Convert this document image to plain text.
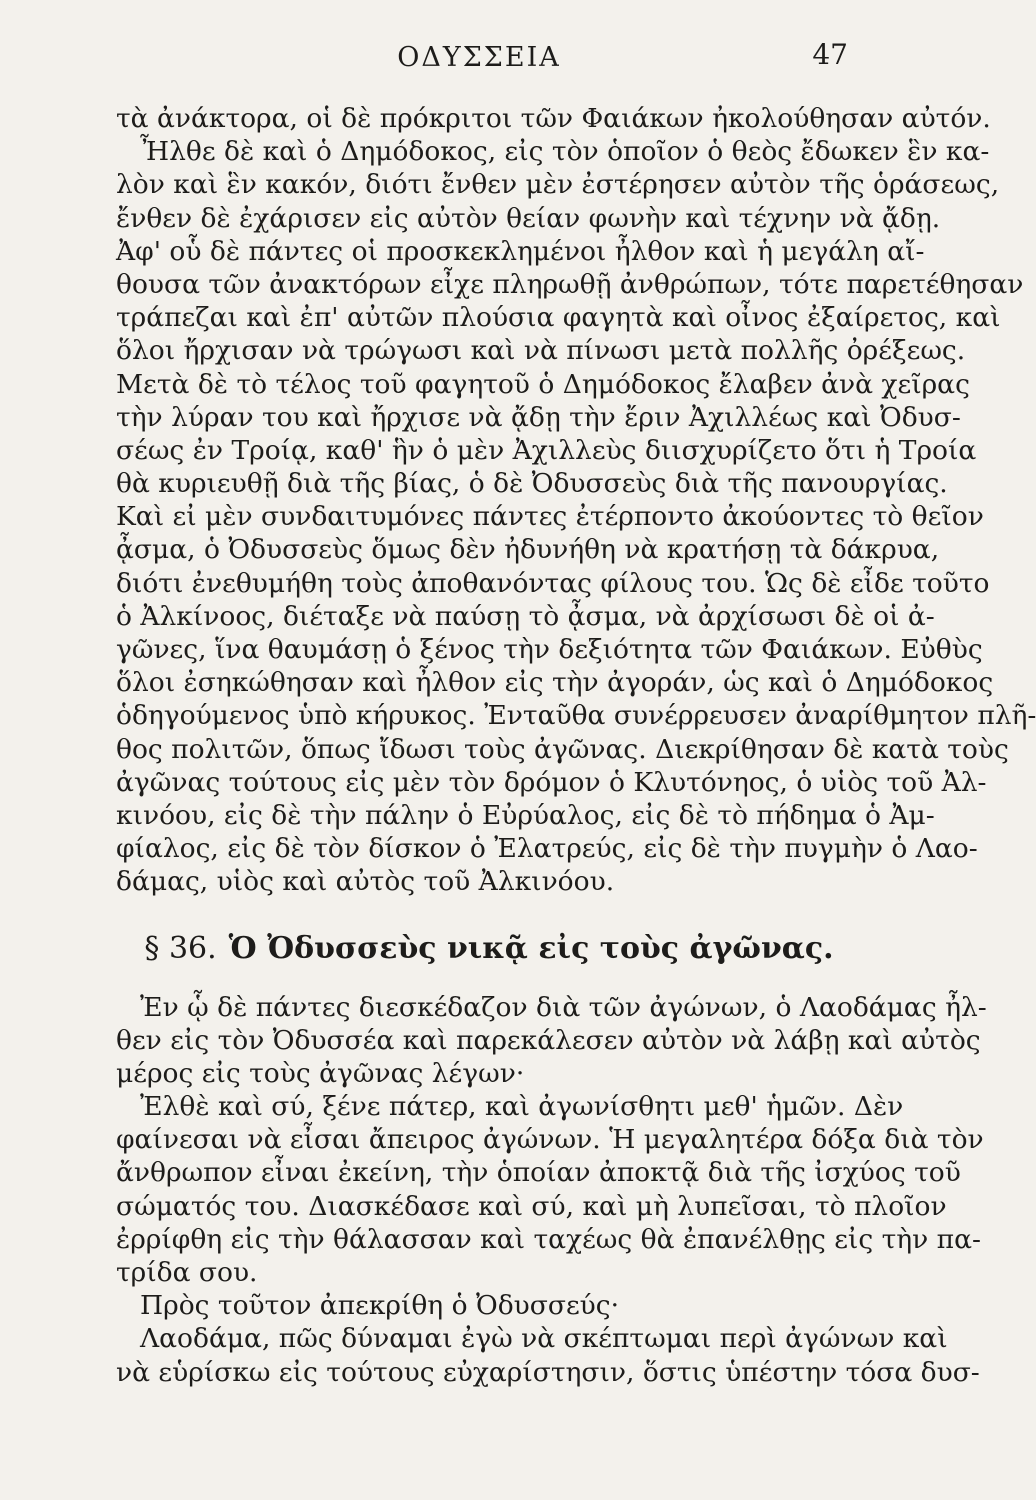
ΟΔΥΣΣΕΙΑ	47
τὰ ἀνάκτορα, οἱ δὲ πρόκριτοι τῶν Φαιάκων ἠκολούθησαν αὐτόν.
Ἦλθε δὲ καὶ ὁ Δημόδοκος, εἰς τὸν ὁποῖον ὁ θεὸς ἔδωκεν ἓν κα-
λὸν καὶ ἓν κακόν, διότι ἔνθεν μὲν ἐστέρησεν αὐτὸν τῆς ὁράσεως,
ἔνθεν δὲ ἐχάρισεν εἰς αὐτὸν θείαν φωνὴν καὶ τέχνην νὰ ᾄδῃ.
Ἀφ' οὗ δὲ πάντες οἱ προσκεκλημένοι ἦλθον καὶ ἡ μεγάλη αἴ-
θουσα τῶν ἀνακτόρων εἶχε πληρωθῇ ἀνθρώπων, τότε παρετέθησαν
τράπεζαι καὶ ἐπ' αὐτῶν πλούσια φαγητὰ καὶ οἶνος ἐξαίρετος, καὶ
ὅλοι ἤρχισαν νὰ τρώγωσι καὶ νὰ πίνωσι μετὰ πολλῆς ὀρέξεως.
Μετὰ δὲ τὸ τέλος τοῦ φαγητοῦ ὁ Δημόδοκος ἔλαβεν ἀνὰ χεῖρας
τὴν λύραν του καὶ ἤρχισε νὰ ᾄδῃ τὴν ἔριν Ἀχιλλέως καὶ Ὀδυσ-
σέως ἐν Τροίᾳ, καθ' ἣν ὁ μὲν Ἀχιλλεὺς διισχυρίζετο ὅτι ἡ Τροία
θὰ κυριευθῇ διὰ τῆς βίας, ὁ δὲ Ὀδυσσεὺς διὰ τῆς πανουργίας.
Καὶ εἰ μὲν συνδαιτυμόνες πάντες ἐτέρποντο ἀκούοντες τὸ θεῖον
ᾆσμα, ὁ Ὀδυσσεὺς ὅμως δὲν ἠδυνήθη νὰ κρατήσῃ τὰ δάκρυα,
διότι ἐνεθυμήθη τοὺς ἀποθανόντας φίλους του. Ὡς δὲ εἶδε τοῦτο
ὁ Ἀλκίνοος, διέταξε νὰ παύσῃ τὸ ᾆσμα, νὰ ἀρχίσωσι δὲ οἱ ἀ-
γῶνες, ἵνα θαυμάσῃ ὁ ξένος τὴν δεξιότητα τῶν Φαιάκων. Εὐθὺς
ὅλοι ἐσηκώθησαν καὶ ἦλθον εἰς τὴν ἀγοράν, ὡς καὶ ὁ Δημόδοκος
ὁδηγούμενος ὑπὸ κήρυκος. Ἐνταῦθα συνέρρευσεν ἀναρίθμητον πλῆ-
θος πολιτῶν, ὅπως ἴδωσι τοὺς ἀγῶνας. Διεκρίθησαν δὲ κατὰ τοὺς
ἀγῶνας τούτους εἰς μὲν τὸν δρόμον ὁ Κλυτόνηος, ὁ υἱὸς τοῦ Ἀλ-
κινόου, εἰς δὲ τὴν πάλην ὁ Εὐρύαλος, εἰς δὲ τὸ πήδημα ὁ Ἀμ-
φίαλος, εἰς δὲ τὸν δίσκον ὁ Ἐλατρεύς, εἰς δὲ τὴν πυγμὴν ὁ Λαο-
δάμας, υἱὸς καὶ αὐτὸς τοῦ Ἀλκινόου.
§ 36. Ὁ Ὀδυσσεὺς νικᾷ εἰς τοὺς ἀγῶνας.
Ἐν ᾧ δὲ πάντες διεσκέδαζον διὰ τῶν ἀγώνων, ὁ Λαοδάμας ἦλ-
θεν εἰς τὸν Ὀδυσσέα καὶ παρεκάλεσεν αὐτὸν νὰ λάβῃ καὶ αὐτὸς
μέρος εἰς τοὺς ἀγῶνας λέγων·
Ἐλθὲ καὶ σύ, ξένε πάτερ, καὶ ἀγωνίσθητι μεθ' ἡμῶν. Δὲν
φαίνεσαι νὰ εἶσαι ἄπειρος ἀγώνων. Ἡ μεγαλητέρα δόξα διὰ τὸν
ἄνθρωπον εἶναι ἐκείνη, τὴν ὁποίαν ἀποκτᾷ διὰ τῆς ἰσχύος τοῦ
σώματός του. Διασκέδασε καὶ σύ, καὶ μὴ λυπεῖσαι, τὸ πλοῖον
ἐρρίφθη εἰς τὴν θάλασσαν καὶ ταχέως θὰ ἐπανέλθῃς εἰς τὴν πα-
τρίδα σου.
Πρὸς τοῦτον ἀπεκρίθη ὁ Ὀδυσσεύς·
Λαοδάμα, πῶς δύναμαι ἐγὼ νὰ σκέπτωμαι περὶ ἀγώνων καὶ
νὰ εὑρίσκω εἰς τούτους εὐχαρίστησιν, ὅστις ὑπέστην τόσα δυσ-
